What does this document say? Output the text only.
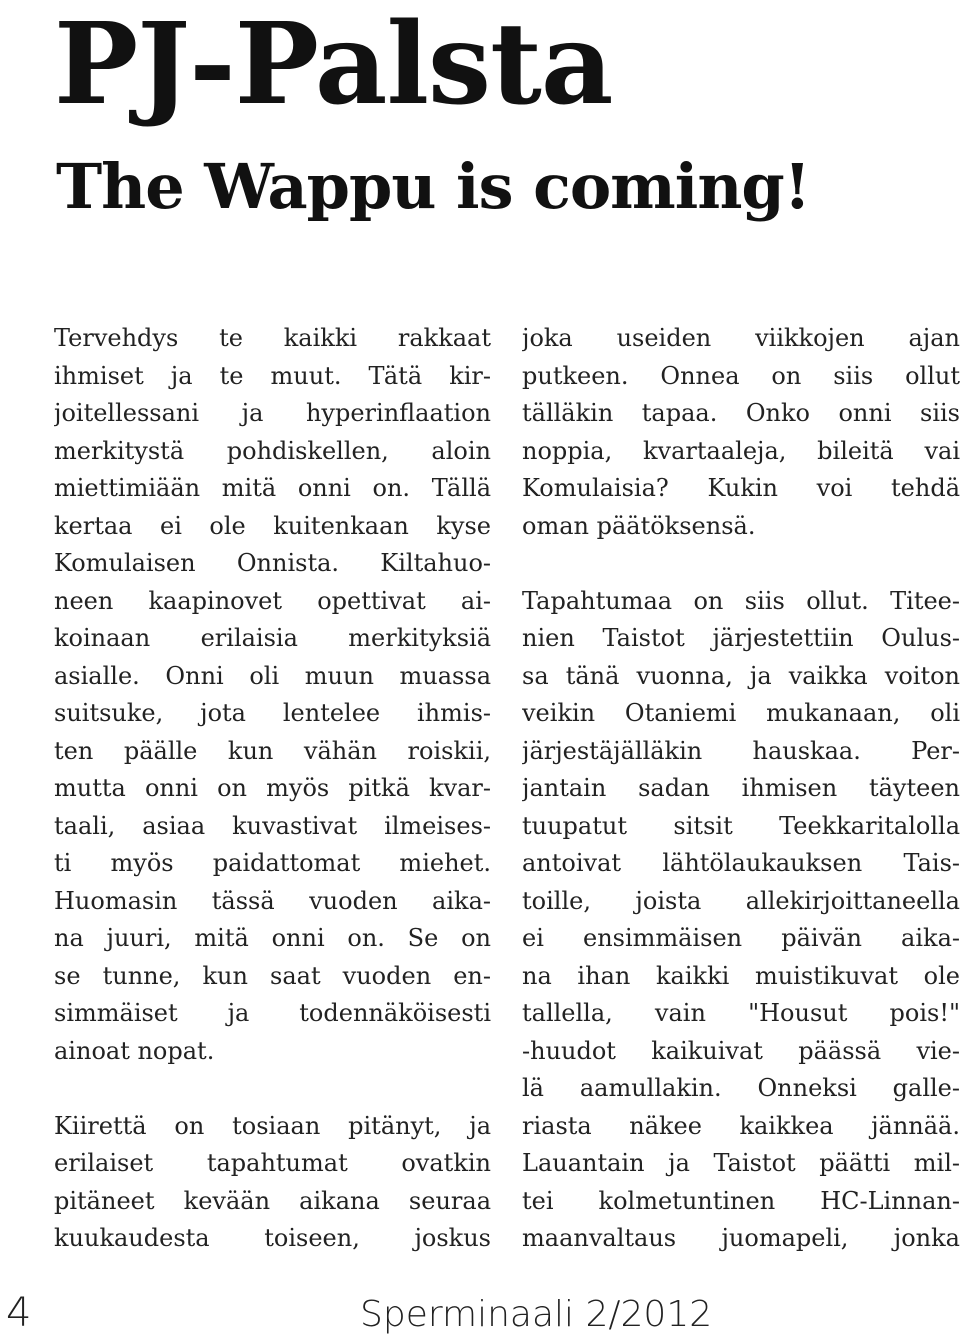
PJ-Palsta
The Wappu is coming!
Tervehdys te kaikki rakkaat
ihmiset ja te muut. Tätä kir-
joitellessani ja hyperinflaation
merkitystä pohdiskellen, aloin
miettimiään mitä onni on. Tällä
kertaa ei ole kuitenkaan kyse
Komulaisen Onnista. Kiltahuo-
neen kaapinovet opettivat ai-
koinaan erilaisia merkityksiä
asialle. Onni oli muun muassa
suitsuke, jota lentelee ihmis-
ten päälle kun vähän roiskii,
mutta onni on myös pitkä kvar-
taali, asiaa kuvastivat ilmeises-
ti myös paidattomat miehet.
Huomasin tässä vuoden aika-
na juuri, mitä onni on. Se on
se tunne, kun saat vuoden en-
simmäiset ja todennäköisesti
ainoat nopat.
Kiirettä on tosiaan pitänyt, ja
erilaiset tapahtumat ovatkin
pitäneet kevään aikana seuraa
kuukaudesta toiseen, joskus
joka useiden viikkojen ajan
putkeen. Onnea on siis ollut
tälläkin tapaa. Onko onni siis
noppia, kvartaaleja, bileitä vai
Komulaisia? Kukin voi tehdä
oman päätöksensä.
Tapahtumaa on siis ollut. Titee-
nien Taistot järjestettiin Oulus-
sa tänä vuonna, ja vaikka voiton
veikin Otaniemi mukanaan, oli
järjestäjälläkin hauskaa. Per-
jantain sadan ihmisen täyteen
tuupatut sitsit Teekkaritalolla
antoivat lähtölaukauksen Tais-
toille, joista allekirjoittaneella
ei ensimmäisen päivän aika-
na ihan kaikki muistikuvat ole
tallella, vain "Housut pois!"
-huudot kaikuivat päässä vie-
lä aamullakin. Onneksi galle-
riasta näkee kaikkea jännää.
Lauantain ja Taistot päätti mil-
tei kolmetuntinen HC-Linnan-
maanvaltaus juomapeli, jonka
4	Sperminaali 2/2012
